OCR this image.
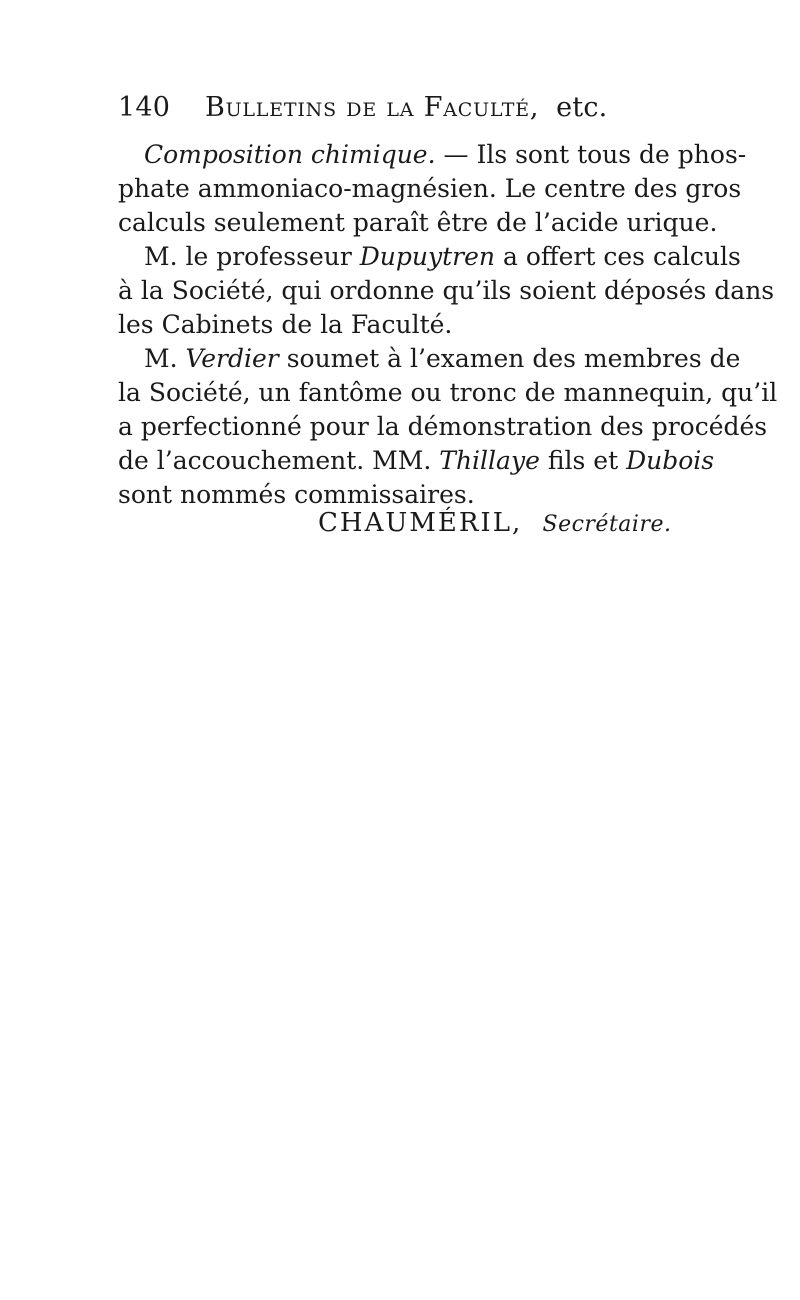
140 Bulletins de la Faculté, etc.
Composition chimique. — Ils sont tous de phos-
phate ammoniaco-magnésien. Le centre des gros
calculs seulement paraît être de l’acide urique.
M. le professeur Dupuytren a offert ces calculs
à la Société, qui ordonne qu’ils soient déposés dans
les Cabinets de la Faculté.
M. Verdier soumet à l’examen des membres de
la Société, un fantôme ou tronc de mannequin, qu’il
a perfectionné pour la démonstration des procédés
de l’accouchement. MM. Thillaye fils et Dubois
sont nommés commissaires.
CHAUMÉRIL, Secrétaire.
